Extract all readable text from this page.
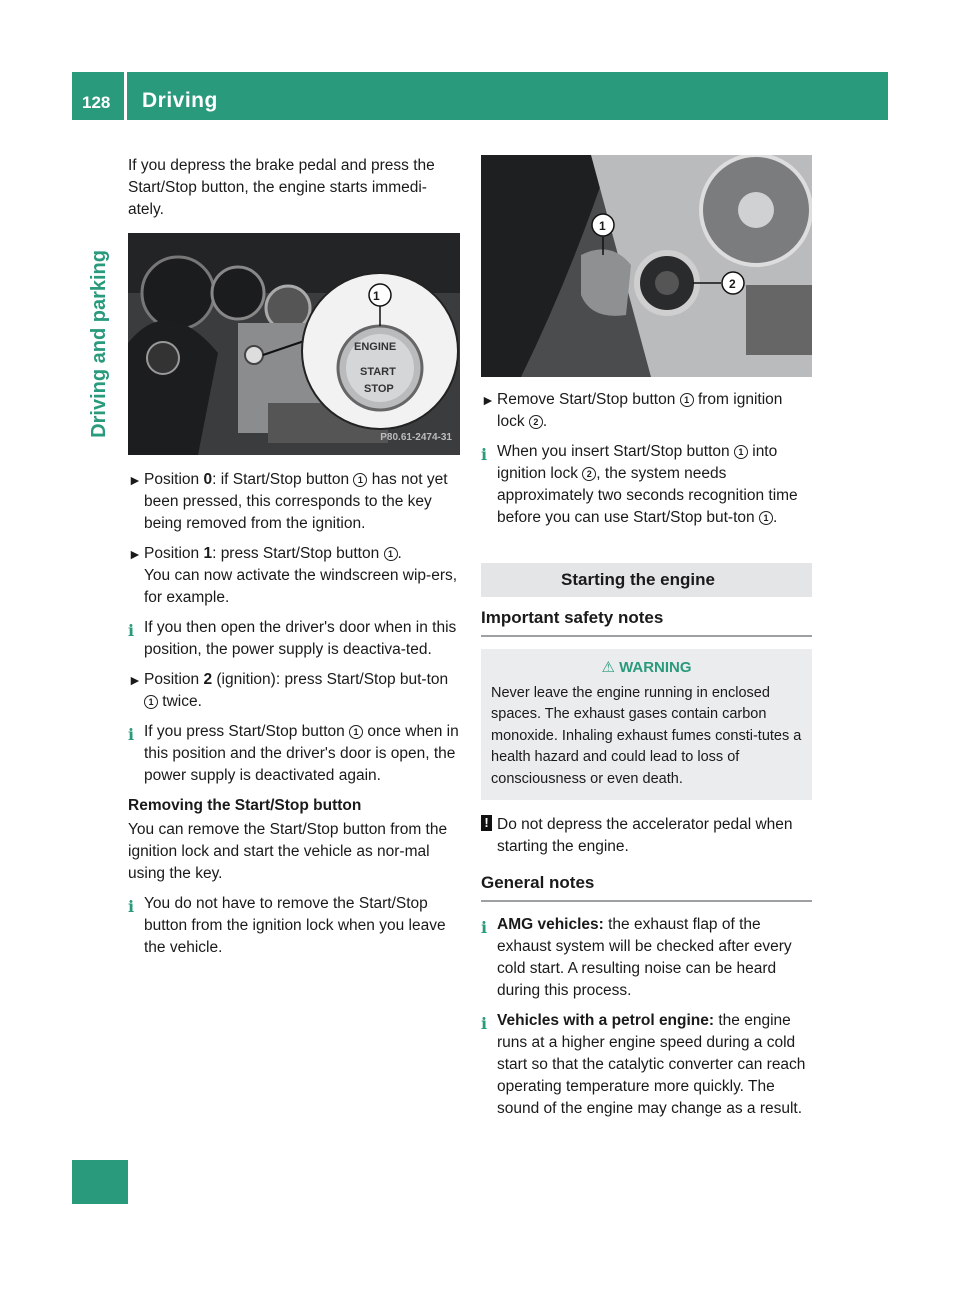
128 Driving
Driving and parking

If you depress the brake pedal and press the Start/Stop button, the engine starts immedi-ately.

1
ENGINE
START
STOP
P80.61-2474-31
► Position 0: if Start/Stop button 1 has not yet been pressed, this corresponds to the key being removed from the ignition.
► Position 1: press Start/Stop button 1 .
You can now activate the windscreen wip-ers, for example.
i If you then open the driver's door when in this position, the power supply is deactiva-ted.
► Position 2 (ignition): press Start/Stop but-ton 1 twice.
i If you press Start/Stop button 1 once when in this position and the driver's door is open, the power supply is deactivated again.

Removing the Start/Stop button

You can remove the Start/Stop button from the ignition lock and start the vehicle as nor-mal using the key.

i You do not have to remove the Start/Stop button from the ignition lock when you leave the vehicle.
1
2
P15.10-2384-31
► Remove Start/Stop button 1 from ignition lock 2 .
i When you insert Start/Stop button 1 into ignition lock 2 , the system needs approximately two seconds recognition time before you can use Start/Stop but-ton 1 .
Starting the engine
Important safety notes
⚠ WARNING
Never leave the engine running in enclosed spaces. The exhaust gases contain carbon monoxide. Inhaling exhaust fumes consti-tutes a health hazard and could lead to loss of consciousness or even death.
! Do not depress the accelerator pedal when starting the engine.
General notes
i AMG vehicles: the exhaust flap of the exhaust system will be checked after every cold start. A resulting noise can be heard during this process.
i Vehicles with a petrol engine: the engine runs at a higher engine speed during a cold start so that the catalytic converter can reach operating temperature more quickly. The sound of the engine may change as a result.
